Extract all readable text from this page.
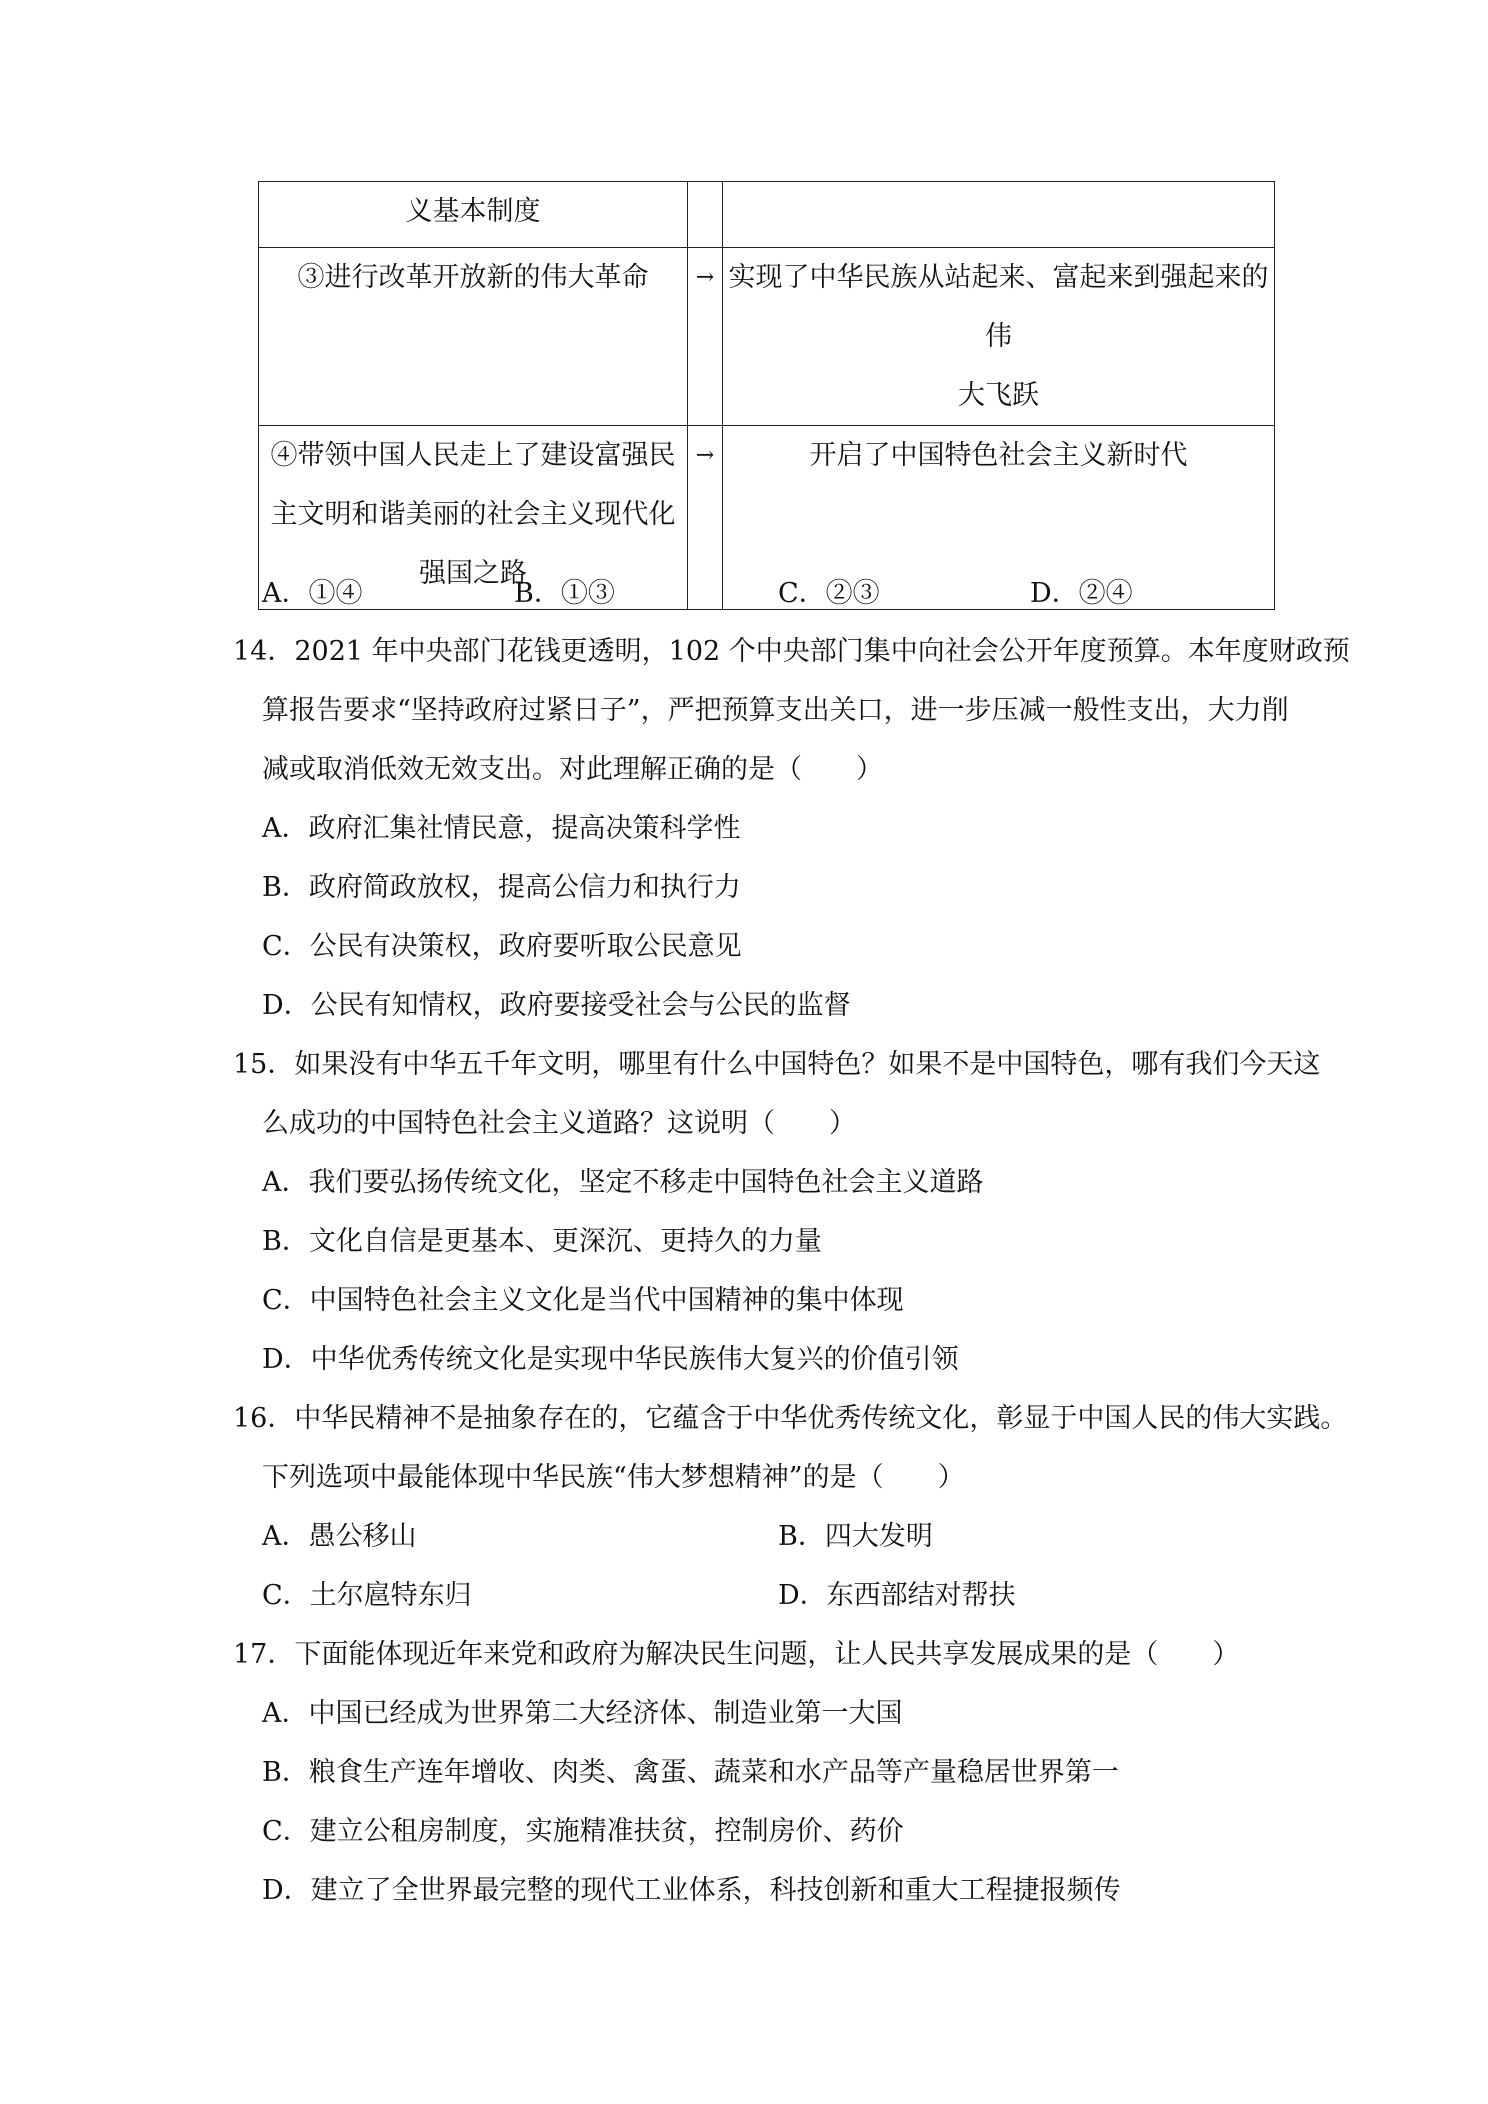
义基本制度		
③进行改革开放新的伟大革命	→	实现了中华民族从站起来、富起来到强起来的伟
大飞跃

④带领中国人民走上了建设富强民
主文明和谐美丽的社会主义现代化
强国之路	→	开启了中国特色社会主义新时代
A．①④	B．①③	C．②③	D．②④
14．2021 年中央部门花钱更透明，102 个中央部门集中向社会公开年度预算。本年度财政预
算报告要求“坚持政府过紧日子”，严把预算支出关口，进一步压减一般性支出，大力削
减或取消低效无效支出。对此理解正确的是（　　）
A．政府汇集社情民意，提高决策科学性
B．政府简政放权，提高公信力和执行力
C．公民有决策权，政府要听取公民意见
D．公民有知情权，政府要接受社会与公民的监督
15．如果没有中华五千年文明，哪里有什么中国特色？如果不是中国特色，哪有我们今天这
么成功的中国特色社会主义道路？这说明（　　）
A．我们要弘扬传统文化，坚定不移走中国特色社会主义道路
B．文化自信是更基本、更深沉、更持久的力量
C．中国特色社会主义文化是当代中国精神的集中体现
D．中华优秀传统文化是实现中华民族伟大复兴的价值引领
16．中华民精神不是抽象存在的，它蕴含于中华优秀传统文化，彰显于中国人民的伟大实践。
下列选项中最能体现中华民族“伟大梦想精神”的是（　　）
A．愚公移山	B．四大发明
C．土尔扈特东归	D．东西部结对帮扶
17．下面能体现近年来党和政府为解决民生问题，让人民共享发展成果的是（　　）
A．中国已经成为世界第二大经济体、制造业第一大国
B．粮食生产连年增收、肉类、禽蛋、蔬菜和水产品等产量稳居世界第一
C．建立公租房制度，实施精准扶贫，控制房价、药价
D．建立了全世界最完整的现代工业体系，科技创新和重大工程捷报频传
